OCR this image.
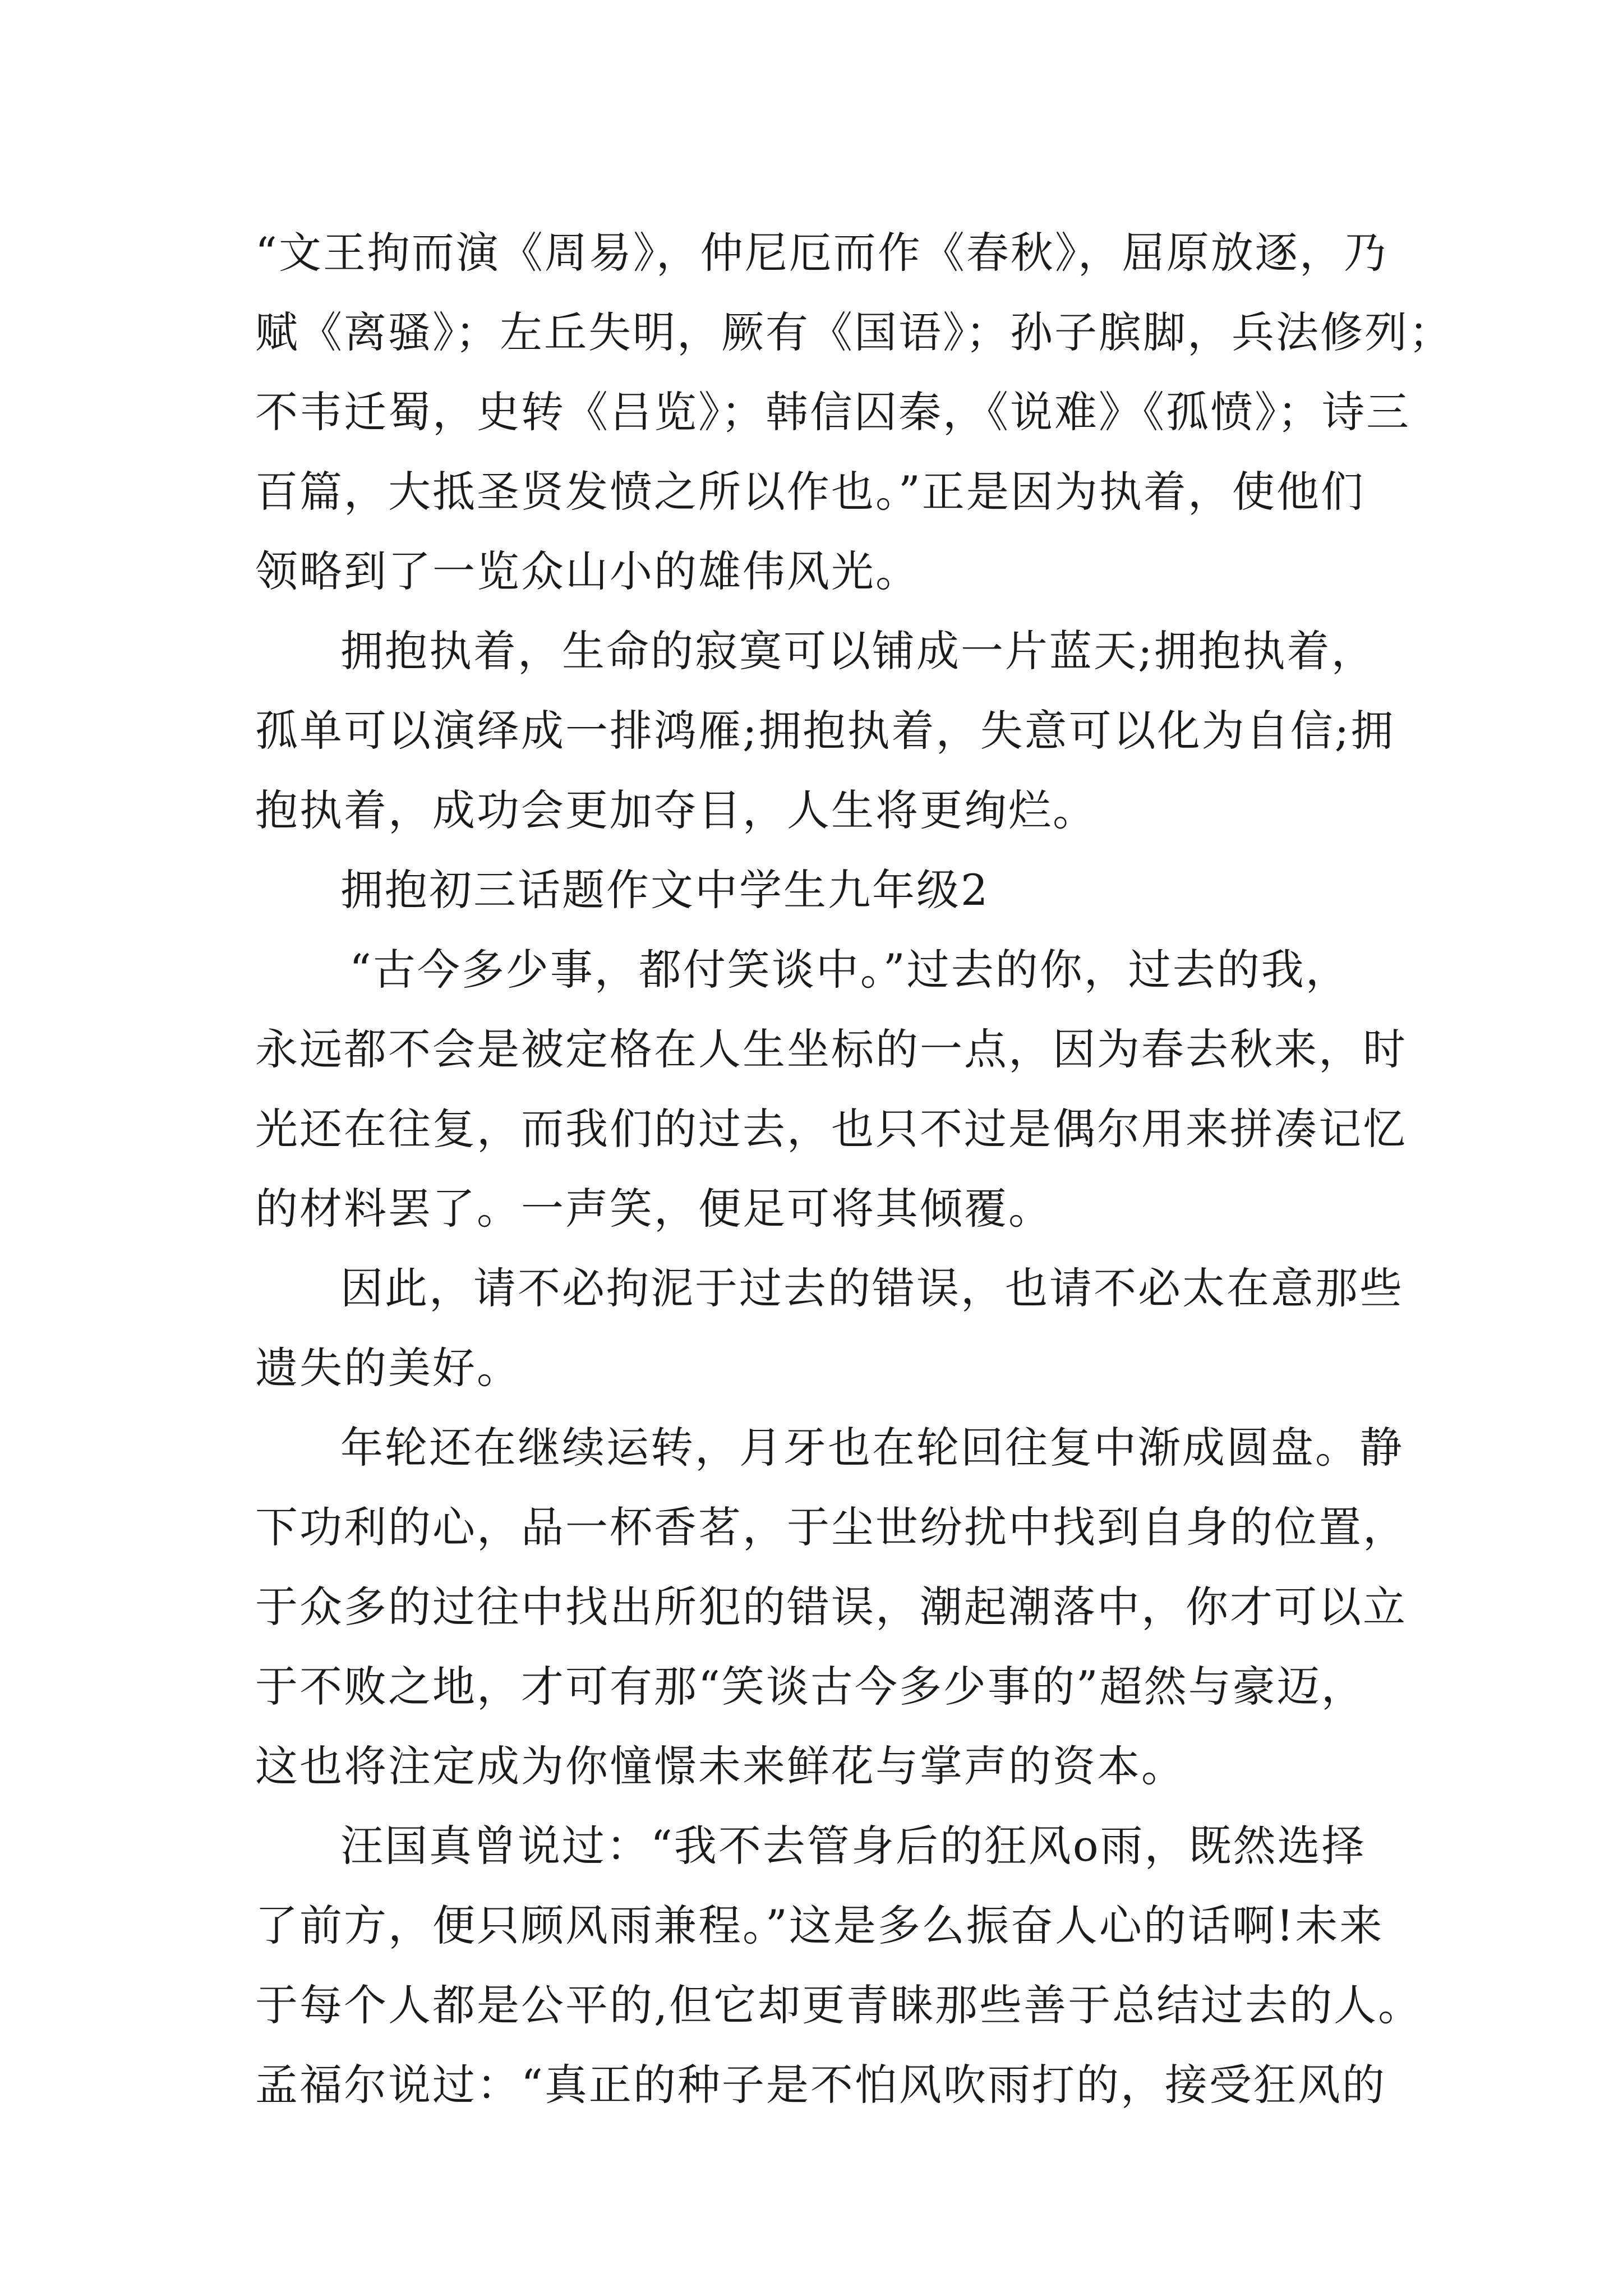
“文王拘而演《周易》，仲尼厄而作《春秋》，屈原放逐，乃
赋《离骚》；左丘失明，厥有《国语》；孙子膑脚，兵法修列；
不韦迁蜀，史转《吕览》；韩信囚秦，《说难》《孤愤》；诗三
百篇，大抵圣贤发愤之所以作也。”正是因为执着，使他们
领略到了一览众山小的雄伟风光。
拥抱执着，生命的寂寞可以铺成一片蓝天;拥抱执着，
孤单可以演绎成一排鸿雁;拥抱执着，失意可以化为自信;拥
抱执着，成功会更加夺目，人生将更绚烂。
拥抱初三话题作文中学生九年级2
“古今多少事，都付笑谈中。”过去的你，过去的我，
永远都不会是被定格在人生坐标的一点，因为春去秋来，时
光还在往复，而我们的过去，也只不过是偶尔用来拼凑记忆
的材料罢了。一声笑，便足可将其倾覆。
因此，请不必拘泥于过去的错误，也请不必太在意那些
遗失的美好。
年轮还在继续运转，月牙也在轮回往复中渐成圆盘。静
下功利的心，品一杯香茗，于尘世纷扰中找到自身的位置，
于众多的过往中找出所犯的错误，潮起潮落中，你才可以立
于不败之地，才可有那“笑谈古今多少事的”超然与豪迈，
这也将注定成为你憧憬未来鲜花与掌声的资本。
汪国真曾说过：“我不去管身后的狂风ο雨，既然选择
了前方，便只顾风雨兼程。”这是多么振奋人心的话啊!未来
于每个人都是公平的,但它却更青睐那些善于总结过去的人。
孟福尔说过：“真正的种子是不怕风吹雨打的，接受狂风的
